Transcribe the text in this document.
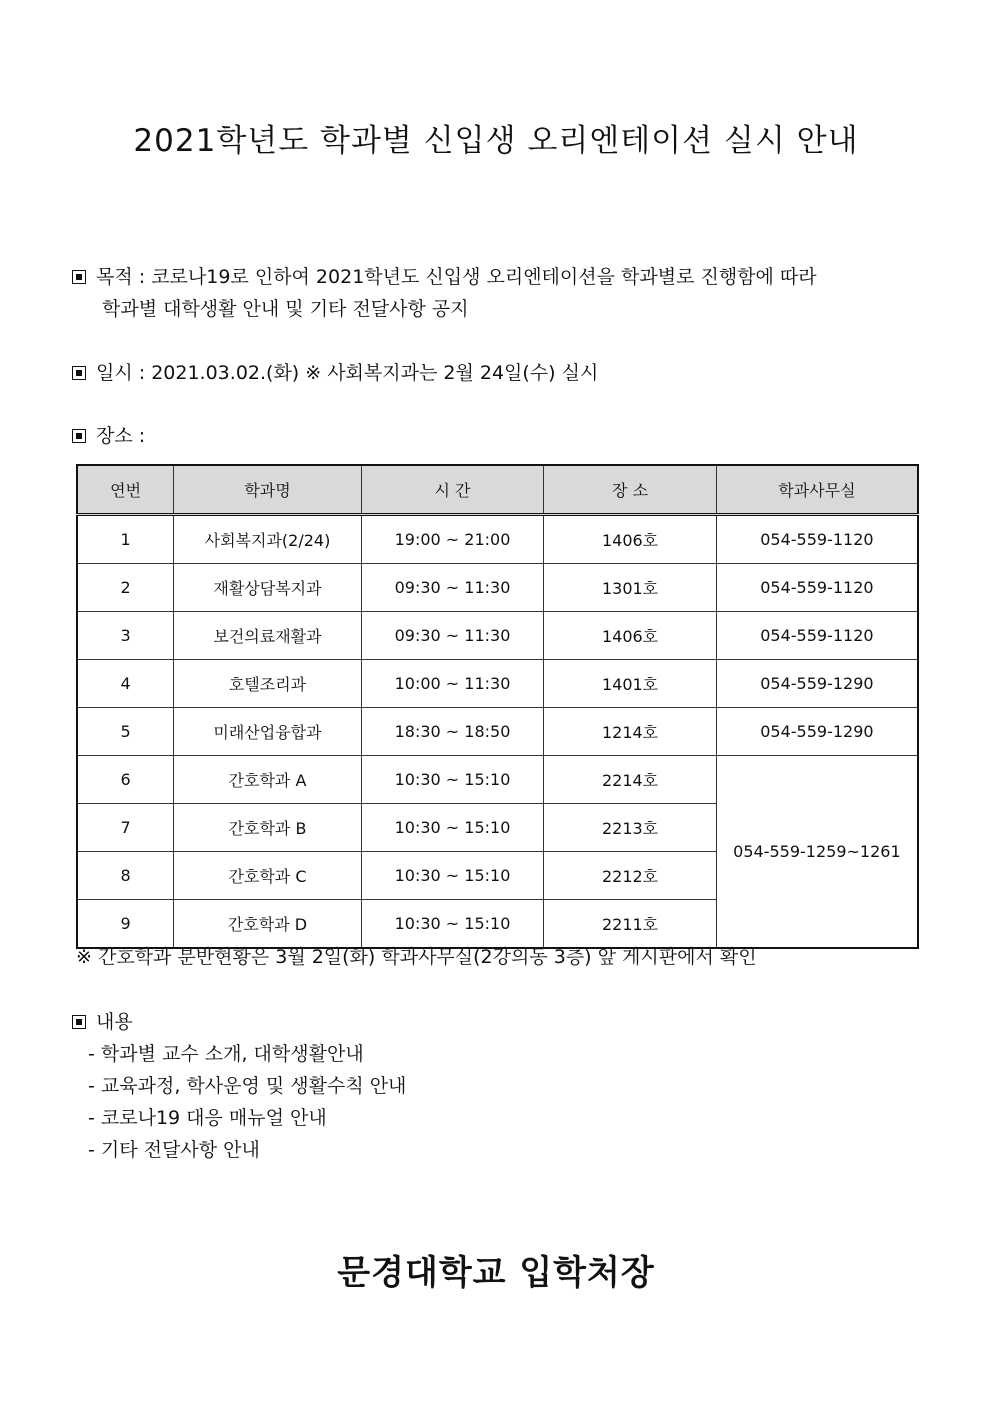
2021학년도 학과별 신입생 오리엔테이션 실시 안내
목적 : 코로나19로 인하여 2021학년도 신입생 오리엔테이션을 학과별로 진행함에 따라
학과별 대학생활 안내 및 기타 전달사항 공지
일시 : 2021.03.02.(화) ※ 사회복지과는 2월 24일(수) 실시
장소 :
연번	학과명	시 간	장 소	학과사무실
1	사회복지과(2/24)	19:00 ~ 21:00	1406호	054-559-1120
2	재활상담복지과	09:30 ~ 11:30	1301호	054-559-1120
3	보건의료재활과	09:30 ~ 11:30	1406호	054-559-1120
4	호텔조리과	10:00 ~ 11:30	1401호	054-559-1290
5	미래산업융합과	18:30 ~ 18:50	1214호	054-559-1290
6	간호학과 A	10:30 ~ 15:10	2214호	054-559-1259~1261
7	간호학과 B	10:30 ~ 15:10	2213호	
8	간호학과 C	10:30 ~ 15:10	2212호	
9	간호학과 D	10:30 ~ 15:10	2211호	
※ 간호학과 분반현황은 3월 2일(화) 학과사무실(2강의동 3층) 앞 게시판에서 확인
내용
- 학과별 교수 소개, 대학생활안내
- 교육과정, 학사운영 및 생활수칙 안내
- 코로나19 대응 매뉴얼 안내
- 기타 전달사항 안내
문경대학교 입학처장
